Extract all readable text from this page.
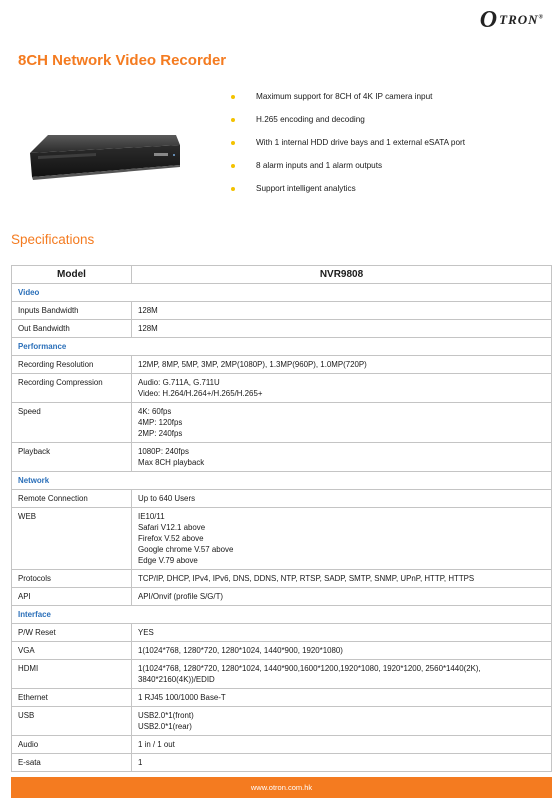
OTRON®
8CH Network Video Recorder
Maximum support for 8CH of 4K IP camera input
H.265 encoding and decoding
With 1 internal HDD drive bays and 1 external eSATA port
8 alarm inputs and 1 alarm outputs
Support intelligent analytics
Specifications
Model	NVR9808
Video	
Inputs Bandwidth	128M

Out Bandwidth	128M

Performance	
Recording Resolution	12MP, 8MP, 5MP, 3MP, 2MP(1080P), 1.3MP(960P), 1.0MP(720P)

Recording Compression	Audio: G.711A, G.711U
Video: H.264/H.264+/H.265/H.265+

Speed	4K: 60fps
4MP: 120fps
2MP: 240fps

Playback	1080P: 240fps
Max 8CH playback

Network	
Remote Connection	Up to 640 Users

WEB	IE10/11
Safari V12.1 above
Firefox V.52 above
Google chrome V.57 above
Edge V.79 above

Protocols	TCP/IP, DHCP, IPv4, IPv6, DNS, DDNS, NTP, RTSP, SADP, SMTP, SNMP, UPnP, HTTP, HTTPS

API	API/Onvif (profile S/G/T)

Interface	
P/W Reset	YES

VGA	1(1024*768, 1280*720, 1280*1024, 1440*900, 1920*1080)

HDMI	1(1024*768, 1280*720, 1280*1024, 1440*900,1600*1200,1920*1080, 1920*1200, 2560*1440(2K),
3840*2160(4K))/EDID

Ethernet	1 RJ45 100/1000 Base-T

USB	USB2.0*1(front)
USB2.0*1(rear)

Audio	1 in / 1 out

E-sata	1
www.otron.com.hk
